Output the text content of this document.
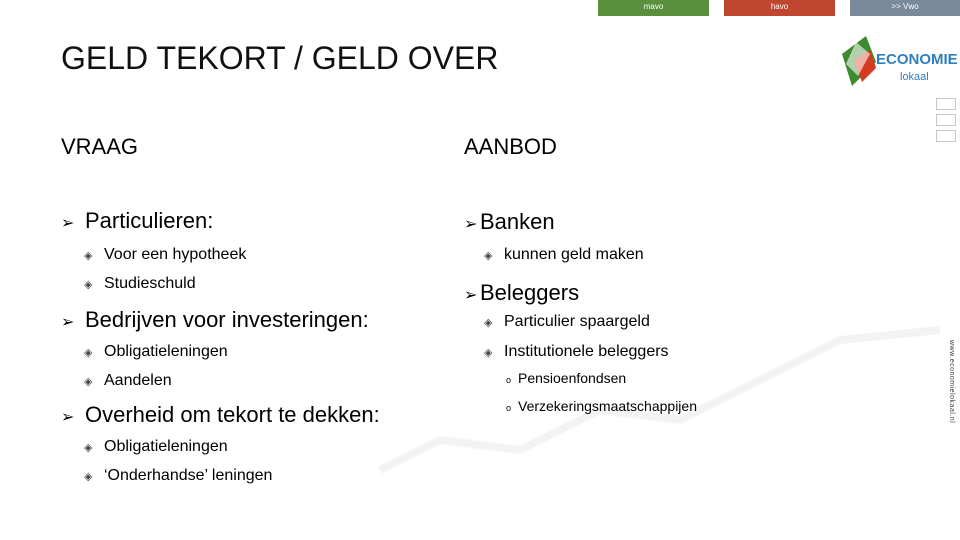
mavo	havo	>> Vwo
GELD TEKORT / GELD OVER	ECONOMIE
lokaal
www.economielokaal.nl
VRAAG
➢ Particulieren:
◈ Voor een hypotheek
◈ Studieschuld
➢ Bedrijven voor investeringen:
◈ Obligatieleningen
◈ Aandelen
➢ Overheid om tekort te dekken:
◈ Obligatieleningen
◈ ‘Onderhandse’ leningen
AANBOD
➢ Banken
◈ kunnen geld maken
➢ Beleggers
◈ Particulier spaargeld
◈ Institutionele beleggers
o Pensioenfondsen
o Verzekeringsmaatschappijen
